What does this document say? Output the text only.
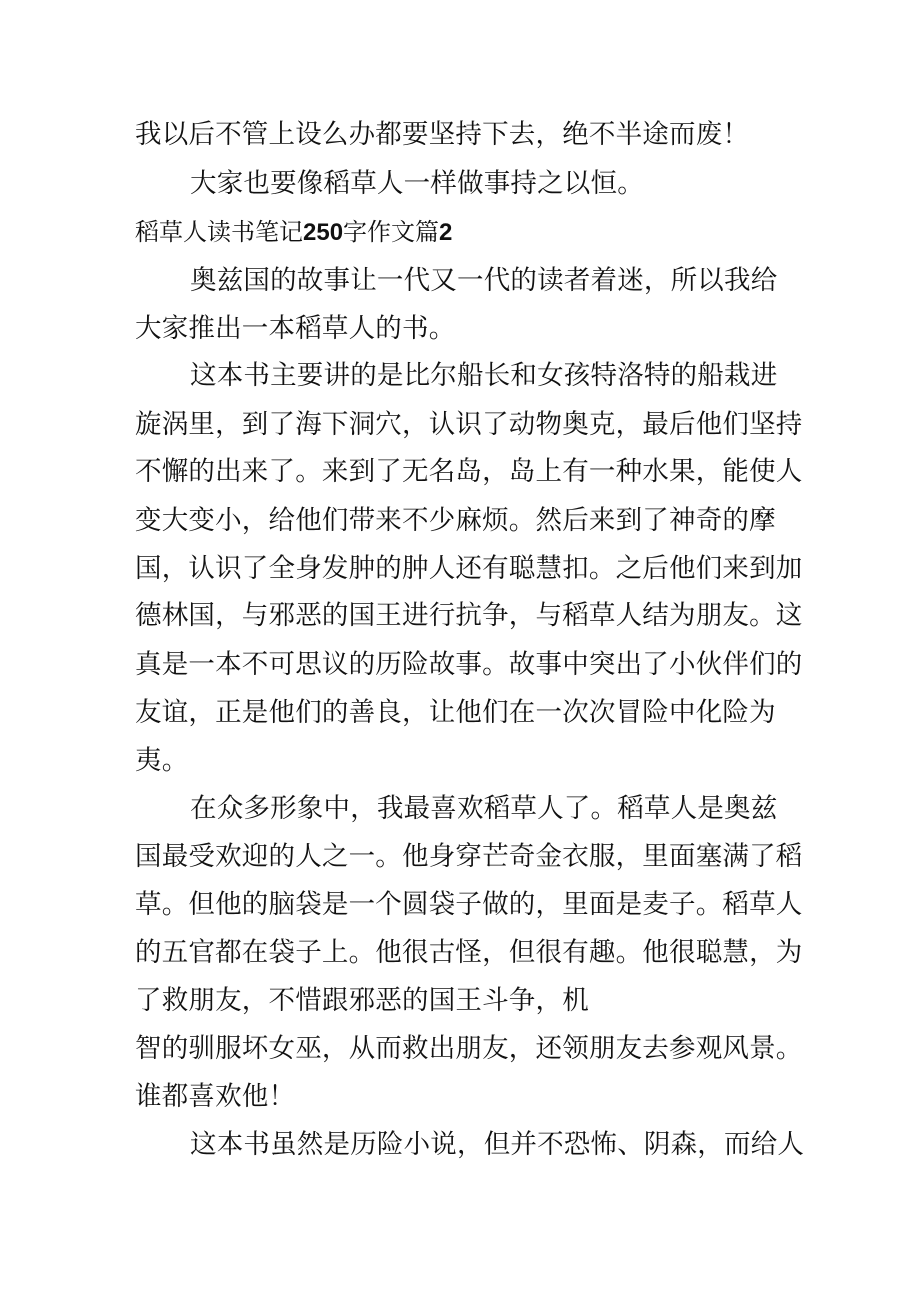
我以后不管上设么办都要坚持下去，绝不半途而废！
大家也要像稻草人一样做事持之以恒。
稻草人读书笔记250字作文篇2
奥兹国的故事让一代又一代的读者着迷，所以我给
大家推出一本稻草人的书。
这本书主要讲的是比尔船长和女孩特洛特的船栽进
旋涡里，到了海下洞穴，认识了动物奥克，最后他们坚持
不懈的出来了。来到了无名岛，岛上有一种水果，能使人
变大变小，给他们带来不少麻烦。然后来到了神奇的摩
国，认识了全身发肿的肿人还有聪慧扣。之后他们来到加
德林国，与邪恶的国王进行抗争，与稻草人结为朋友。这
真是一本不可思议的历险故事。故事中突出了小伙伴们的
友谊，正是他们的善良，让他们在一次次冒险中化险为
夷。
在众多形象中，我最喜欢稻草人了。稻草人是奥兹
国最受欢迎的人之一。他身穿芒奇金衣服，里面塞满了稻
草。但他的脑袋是一个圆袋子做的，里面是麦子。稻草人
的五官都在袋子上。他很古怪，但很有趣。他很聪慧，为
了救朋友，不惜跟邪恶的国王斗争，机
智的驯服坏女巫，从而救出朋友，还领朋友去参观风景。
谁都喜欢他！
这本书虽然是历险小说，但并不恐怖、阴森，而给人
